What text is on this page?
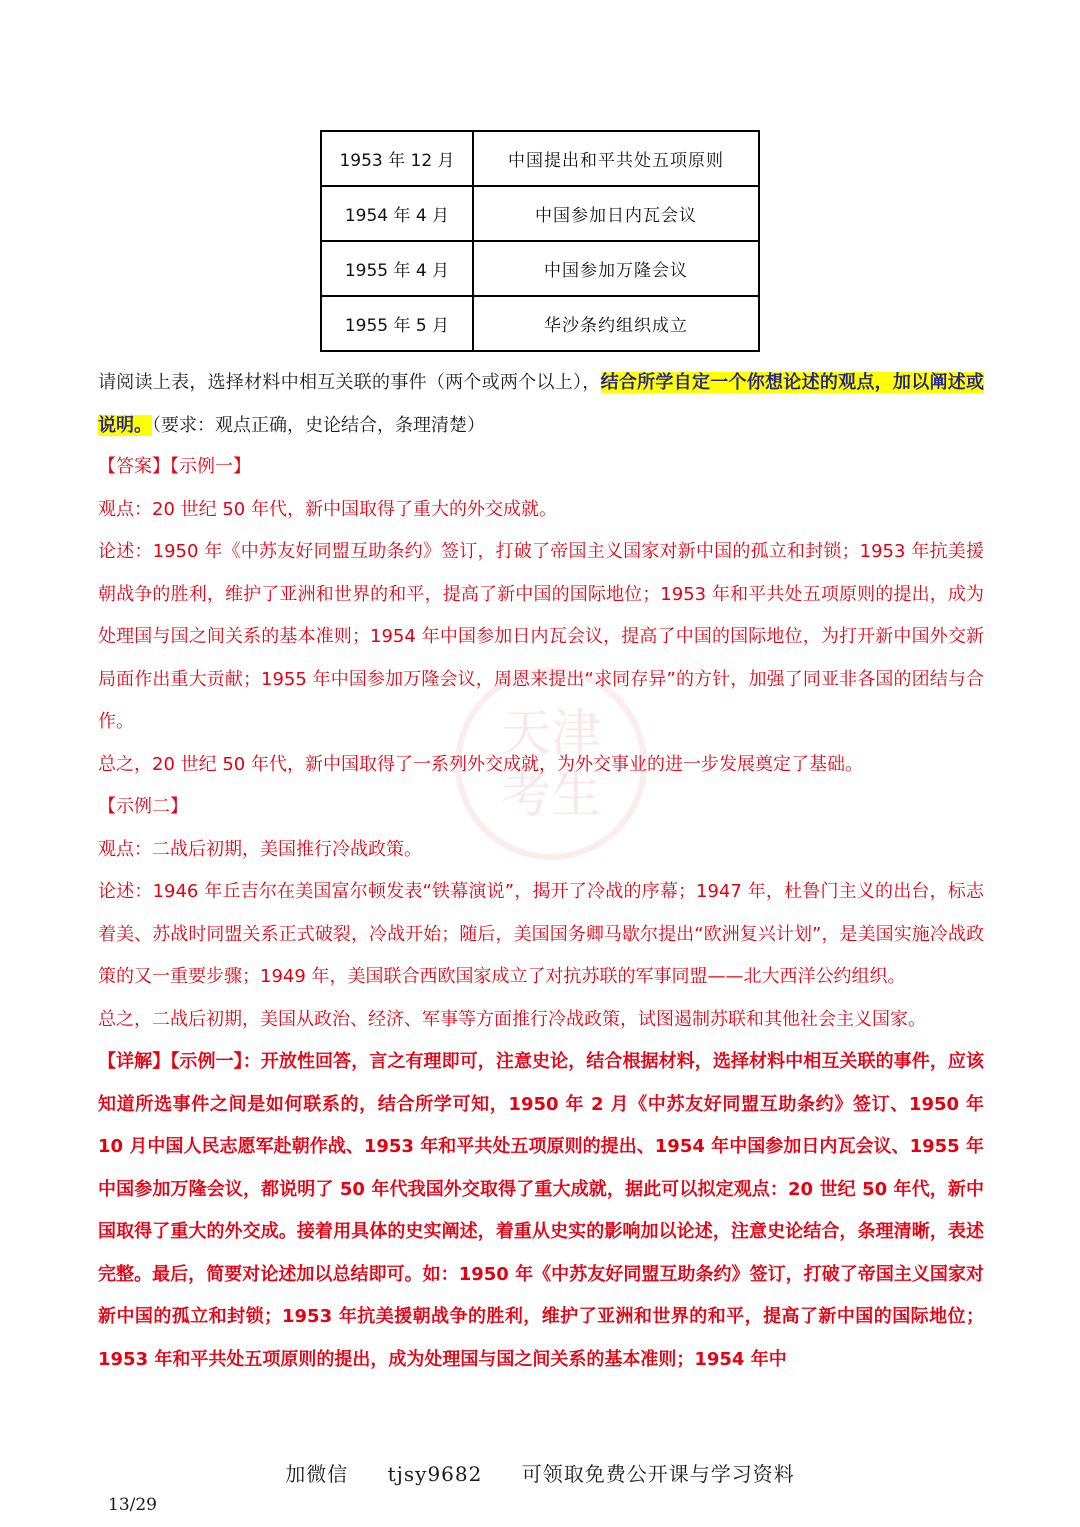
1953 年 12 月	中国提出和平共处五项原则
1954 年 4 月	中国参加日内瓦会议
1955 年 4 月	中国参加万隆会议
1955 年 5 月	华沙条约组织成立
请阅读上表，选择材料中相互关联的事件（两个或两个以上），结合所学自定一个你想论述的观点，加以阐述或说明。（要求：观点正确，史论结合，条理清楚）
天津
考生
【答案】【示例一】
观点：20 世纪 50 年代，新中国取得了重大的外交成就。
论述：1950 年《中苏友好同盟互助条约》签订，打破了帝国主义国家对新中国的孤立和封锁；1953 年抗美援朝战争的胜利，维护了亚洲和世界的和平，提高了新中国的国际地位；1953 年和平共处五项原则的提出，成为处理国与国之间关系的基本准则；1954 年中国参加日内瓦会议，提高了中国的国际地位，为打开新中国外交新局面作出重大贡献；1955 年中国参加万隆会议，周恩来提出“求同存异”的方针，加强了同亚非各国的团结与合作。
总之，20 世纪 50 年代，新中国取得了一系列外交成就，为外交事业的进一步发展奠定了基础。
【示例二】
观点：二战后初期，美国推行冷战政策。
论述：1946 年丘吉尔在美国富尔顿发表“铁幕演说”，揭开了冷战的序幕；1947 年，杜鲁门主义的出台，标志着美、苏战时同盟关系正式破裂，冷战开始；随后，美国国务卿马歇尔提出“欧洲复兴计划”，是美国实施冷战政策的又一重要步骤；1949 年，美国联合西欧国家成立了对抗苏联的军事同盟——北大西洋公约组织。
总之，二战后初期，美国从政治、经济、军事等方面推行冷战政策，试图遏制苏联和其他社会主义国家。
【详解】【示例一】：开放性回答，言之有理即可，注意史论，结合根据材料，选择材料中相互关联的事件，应该知道所选事件之间是如何联系的，结合所学可知，1950 年 2 月《中苏友好同盟互助条约》签订、1950 年 10 月中国人民志愿军赴朝作战、1953 年和平共处五项原则的提出、1954 年中国参加日内瓦会议、1955 年中国参加万隆会议，都说明了 50 年代我国外交取得了重大成就，据此可以拟定观点：20 世纪 50 年代，新中国取得了重大的外交成。接着用具体的史实阐述，着重从史实的影响加以论述，注意史论结合，条理清晰，表述完整。最后，简要对论述加以总结即可。如：1950 年《中苏友好同盟互助条约》签订，打破了帝国主义国家对新中国的孤立和封锁；1953 年抗美援朝战争的胜利，维护了亚洲和世界的和平，提高了新中国的国际地位；1953 年和平共处五项原则的提出，成为处理国与国之间关系的基本准则；1954 年中
加微信 tjsy9682 可领取免费公开课与学习资料
13/29
